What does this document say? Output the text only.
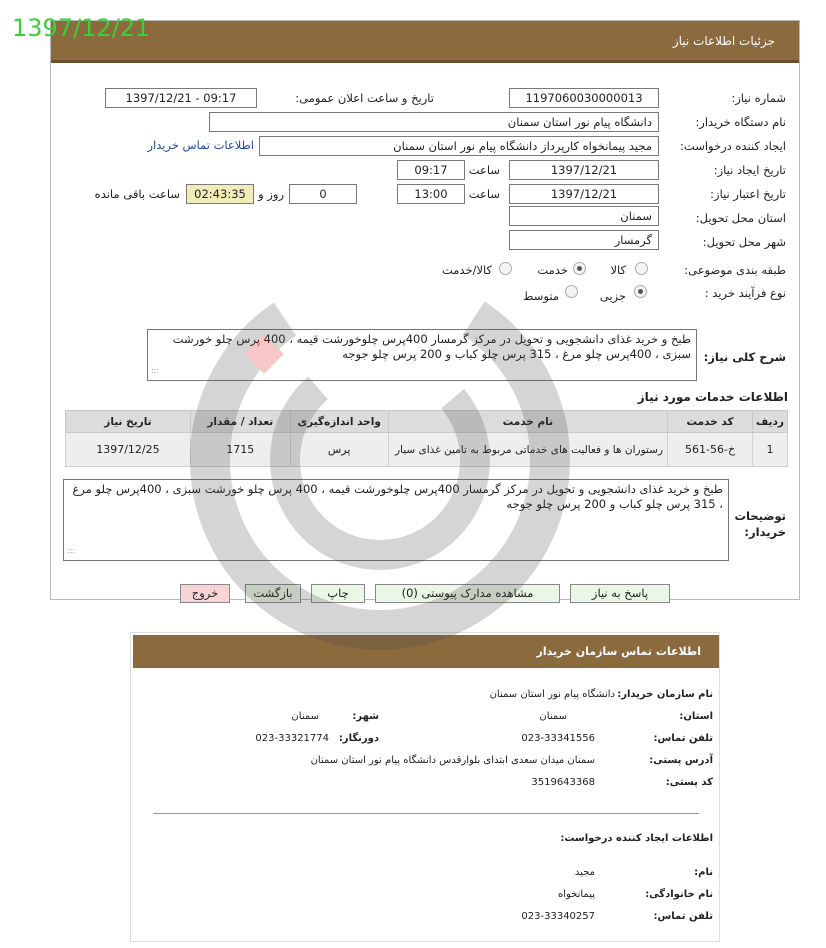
1397/12/21	جزئیات اطلاعات نیاز
شماره نیاز:
1197060030000013
تاریخ و ساعت اعلان عمومی:
1397/12/21 - 09:17
نام دستگاه خریدار:
دانشگاه پیام نور استان سمنان
ایجاد کننده درخواست:
مجید پیمانخواه کارپرداز دانشگاه پیام نور استان سمنان
اطلاعات تماس خریدار
تاریخ ایجاد نیاز:
1397/12/21
ساعت
09:17
تاریخ اعتبار نیاز:
1397/12/21
ساعت
13:00
0
روز و
02:43:35
ساعت باقی مانده
استان محل تحویل:
سمنان
شهر محل تحویل:
گرمسار
طبقه بندی موضوعی:
کالا
خدمت
کالا/خدمت
نوع فرآیند خرید :
جزیی
متوسط
شرح کلی نیاز:
طبخ و خرید غذای دانشجویی و تحویل در مرکز گرمسار 400پرس چلوخورشت قیمه ، 400 پرس چلو خورشت سبزی ، 400پرس چلو مرغ ، 315 پرس چلو کباب و 200 پرس چلو جوجه
:::
اطلاعات خدمات مورد نیاز
تاریخ نیاز	تعداد / مقدار	واحد اندازه‌گیری	نام خدمت	کد خدمت	ردیف
1397/12/25	1715	پرس	رستوران ها و فعالیت های خدماتی مربوط به تامین غذای سیار	خ-56-561	1
توضیحات خریدار:
طبخ و خرید غذای دانشجویی و تحویل در مرکز گرمسار 400پرس چلوخورشت قیمه ، 400 پرس چلو خورشت سبزی ، 400پرس چلو مرغ ، 315 پرس چلو کباب و 200 پرس چلو جوجه
:::
پاسخ به نیاز
مشاهده مدارک پیوستی (0)
چاپ
بازگشت
خروج
اطلاعات تماس سازمان خریدار
نام سازمان خریدار:
دانشگاه پیام نور استان سمنان
استان:
سمنان
شهر:
سمنان
تلفن تماس:
023-33341556
دورنگار:
023-33321774
آدرس پستی:
سمنان میدان سعدی ابتدای بلوارقدس دانشگاه پیام نور استان سمنان
کد پستی:
3519643368
اطلاعات ایجاد کننده درخواست:
نام:
مجید
نام خانوادگی:
پیمانخواه
تلفن تماس:
023-33340257
